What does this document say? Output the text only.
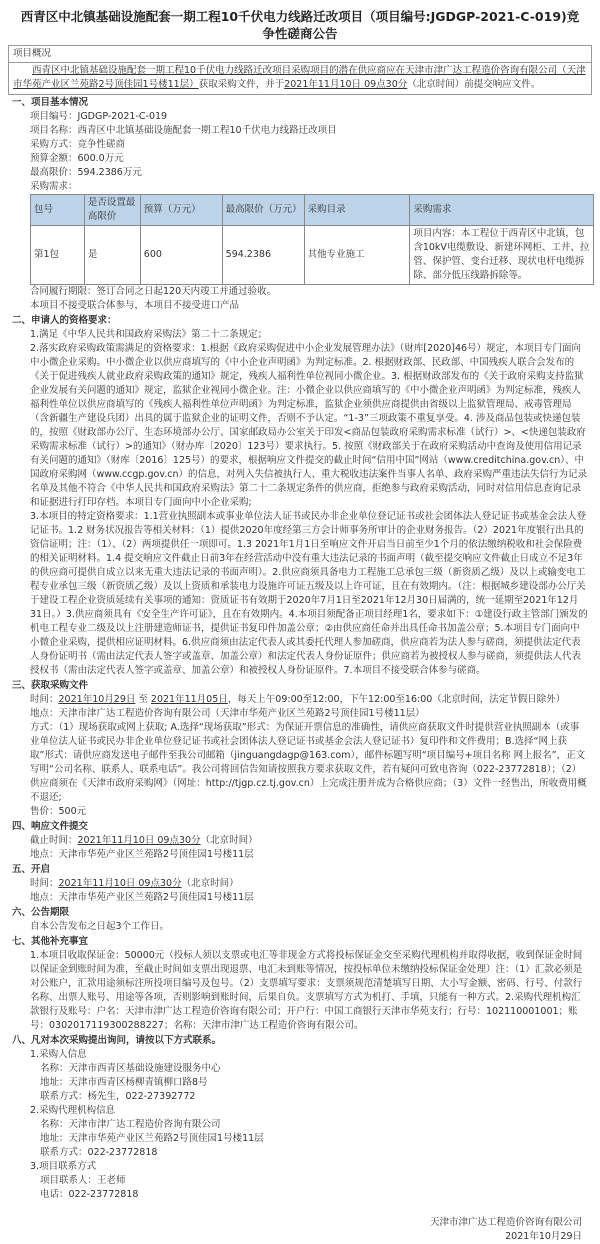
西青区中北镇基础设施配套一期工程10千伏电力线路迁改项目（项目编号:JGDGP-2021-C-019)竞争性磋商公告
项目概况
西青区中北镇基础设施配套一期工程10千伏电力线路迁改项目采购项目的潜在供应商应在天津市津广达工程造价咨询有限公司（天津市华苑产业区兰苑路2号顶佳园1号楼11层）获取采购文件，并于2021年11月10日 09点30分（北京时间）前提交响应文件。
一、项目基本情况
项目编号：JGDGP-2021-C-019
项目名称：西青区中北镇基础设施配套一期工程10千伏电力线路迁改项目
采购方式：竞争性磋商
预算金额：600.0万元
最高限价：594.2386万元
采购需求：
包号	是否设置最高限价	预算（万元）	最高限价（万元）	采购目录	采购需求
第1包	是	600	594.2386	其他专业施工	项目内容：本工程位于西青区中北镇，包含10kV电缆敷设、新建环网柜、工井、拉管、保护管、变台迁移、现状电杆电缆拆除、部分低压线路拆除等。
合同履行期限：签订合同之日起120天内竣工并通过验收。
本项目不接受联合体参与，本项目不接受进口产品
二、申请人的资格要求：
1.满足《中华人民共和国政府采购法》第二十二条规定；
2.落实政府采购政策需满足的资格要求：1.根据《政府采购促进中小企业发展管理办法》（财库[2020]46号）规定，本项目专门面向中小微企业采购。中小微企业以供应商填写的《中小企业声明函》为判定标准。2. 根据财政部、民政部、中国残疾人联合会发布的《关于促进残疾人就业政府采购政策的通知》规定，残疾人福利性单位视同小微企业。3. 根据财政部发布的《关于政府采购支持监狱企业发展有关问题的通知》规定，监狱企业视同小微企业。注：小微企业以供应商填写的《中小微企业声明函》为判定标准，残疾人福利性单位以供应商填写的《残疾人福利性单位声明函》为判定标准，监狱企业须供应商提供由省级以上监狱管理局、戒毒管理局（含新疆生产建设兵团）出具的属于监狱企业的证明文件，否则不予认定。“1-3”三项政策不重复享受。4. 涉及商品包装或快递包装的，按照《财政部办公厅、生态环境部办公厅、国家邮政局办公室关于印发<商品包装政府采购需求标准（试行）>、<快递包装政府采购需求标准（试行）>的通知》（财办库〔2020〕123号）要求执行。5. 按照《财政部关于在政府采购活动中查询及使用信用记录有关问题的通知》（财库〔2016〕125号）的要求，根据响应文件提交的截止时间“信用中国”网站（www.creditchina.gov.cn）、中国政府采购网（www.ccgp.gov.cn）的信息，对列入失信被执行人、重大税收违法案件当事人名单、政府采购严重违法失信行为记录名单及其他不符合《中华人民共和国政府采购法》第二十二条规定条件的供应商，拒绝参与政府采购活动，同时对信用信息查询记录和证据进行打印存档。本项目专门面向中小企业采购;
3.本项目的特定资格要求：1.1营业执照副本或事业单位法人证书或民办非企业单位登记证书或社会团体法人登记证书或基金会法人登记证书。1.2 财务状况报告等相关材料：（1）提供2020年度经第三方会计师事务所审计的企业财务报告。（2）2021年度银行出具的资信证明；注：（1）、（2）两项提供任一项即可。1.3 2021年1月1日至响应文件开启当日前至少1个月的依法缴纳税收和社会保险费的相关证明材料。1.4 提交响应文件截止日前3年在经营活动中没有重大违法记录的书面声明（截至提交响应文件截止日成立不足3年的供应商可提供自成立以来无重大违法记录的书面声明）。2.供应商须具备电力工程施工总承包三级（新资质乙级）及以上或输变电工程专业承包三级（新资质乙级）及以上资质和承装电力设施许可证五级及以上许可证，且在有效期内。（注：根据城乡建设部办公厅关于建设工程企业资质延续有关事项的通知：资质证书有效期于2020年7月1日至2021年12月30日届满的，统一延期至2021年12月31日。）3.供应商须具有《安全生产许可证》，且在有效期内。4.本项目须配备正项目经理1名，要求如下：①建设行政主管部门颁发的机电工程专业二级及以上注册建造师证书，提供证书复印件加盖公章；②由供应商任命并出具任命书加盖公章；5.本项目专门面向中小微企业采购，提供相应证明材料。6.供应商须由法定代表人或其委托代理人参加磋商，供应商若为法人参与磋商，须提供法定代表人身份证明书（需由法定代表人签字或盖章、加盖公章）和法定代表人身份证原件；供应商若为被授权人参与磋商，须提供法人代表授权书（需由法定代表人签字或盖章、加盖公章）和被授权人身份证原件。7.本项目不接受联合体参与磋商。
三、获取采购文件
时间：2021年10月29日 至 2021年11月05日，每天上午09:00至12:00，下午12:00至16:00（北京时间，法定节假日除外）
地点：天津市津广达工程造价咨询有限公司（天津市华苑产业区兰苑路2号顶佳园1号楼11层）
方式：（1）现场获取或网上获取; A.选择“现场获取”形式：为保证开票信息的准确性，请供应商获取文件时提供营业执照副本（或事业单位法人证书或民办非企业单位登记证书或社会团体法人登记证书或基金会法人登记证书）复印件和文件费用；B.选择“网上获取”形式：请供应商发送电子邮件至我公司邮箱（jinguangdagp@163.com），邮件标题写明“项目编号+项目名称 网上报名”，正文写明“公司名称、联系人、联系电话”。我公司将回信告知请按照我方要求获取文件，若有疑问可致电咨询（022-23772818）；（2）供应商须在《天津市政府采购网》（网址：http://tjgp.cz.tj.gov.cn）上完成注册并成为合格供应商；（3）文件一经售出，所收费用概不退还;
售价：500元
四、响应文件提交
截止时间：2021年11月10日 09点30分（北京时间）
地点：天津市华苑产业区兰苑路2号顶佳园1号楼11层
五、开启
时间：2021年11月10日 09点30分（北京时间）
地点：天津市华苑产业区兰苑路2号顶佳园1号楼11层
六、公告期限
自本公告发布之日起3个工作日。
七、其他补充事宜
1.本项目收取保证金：50000元（投标人须以支票或电汇等非现金方式将投标保证金交至采购代理机构并取得收据，收到保证金时间以保证金到账时间为准，至截止时间如支票出现退票、电汇未到账等情况，按投标单位未缴纳投标保证金处理）注：（1）汇款必须是对公账户，汇款用途须标注所投项目编号及包号。（2）支票填写要求：支票须规范清楚填写日期、大小写金额、密码、行号、付款行名称、出票人账号、用途等各项，否则影响到账时间，后果自负。支票填写方式为机打、手填，只能有一种方式。2.采购代理机构汇款银行及账号：户名：天津市津广达工程造价咨询有限公司；开户行：中国工商银行天津市华苑支行；行号：102110001001；账号：0302017119300288227；名称：天津市津广达工程造价咨询有限公司。
八、凡对本次采购提出询问，请按以下方式联系。
1.采购人信息
名称：天津市西青区基础设施建设服务中心
地址：天津市西青区杨柳青镇柳口路8号
联系方式：杨先生，022-27392772
2.采购代理机构信息
名称：天津市津广达工程造价咨询有限公司
地址：天津市华苑产业区兰苑路2号顶佳园1号楼11层
联系方式：022-23772818
3.项目联系方式
项目联系人：王老师
电话：022-23772818
天津市津广达工程造价咨询有限公司
2021年10月29日
